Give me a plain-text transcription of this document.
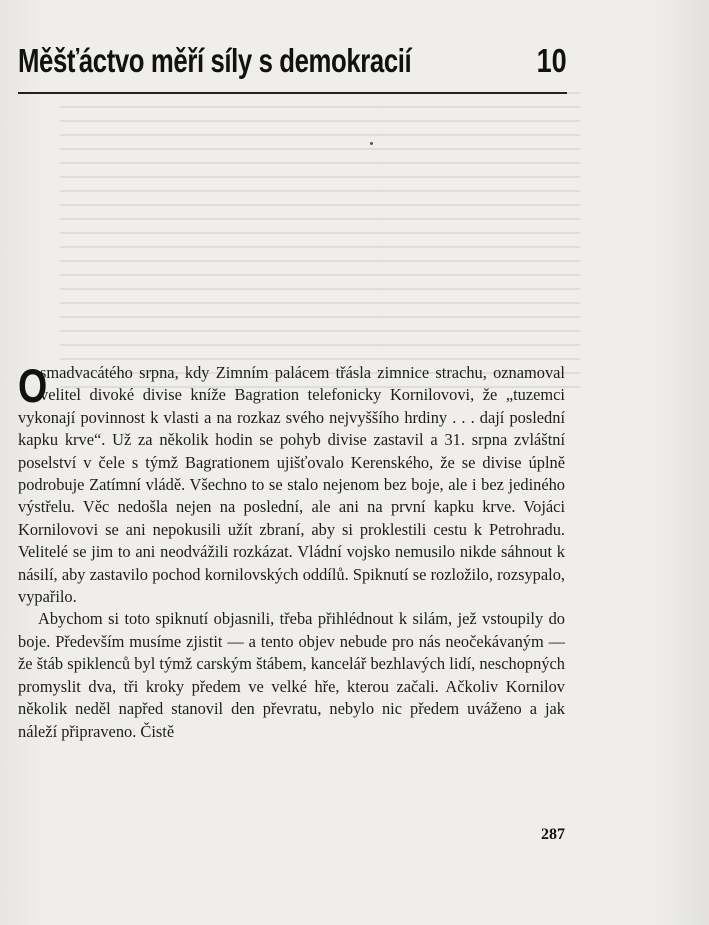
Měšťáctvo měří síly s demokracií	10

O
smadvacátého srpna, kdy Zimním palácem třásla zimnice strachu, oznamoval velitel divoké divise kníže Bagration telefonicky Kornilovovi, že „tuzemci vykonají povinnost k vlasti a na rozkaz svého nejvyššího hrdiny . . . dají poslední kapku krve“. Už za několik hodin se pohyb divise zastavil a 31. srpna zvláštní poselství v čele s týmž Bagrationem ujišťovalo Kerenského, že se divise úplně podrobuje Zatímní vládě. Všechno to se stalo nejenom bez boje, ale i bez jediného výstřelu. Věc nedošla nejen na poslední, ale ani na první kapku krve. Vojáci Kornilovovi se ani nepokusili užít zbraní, aby si proklestili cestu k Petrohradu. Velitelé se jim to ani neodvážili rozkázat. Vládní vojsko nemusilo nikde sáhnout k násilí, aby zastavilo pochod kornilovských oddílů. Spiknutí se rozložilo, rozsypalo, vypařilo.

Abychom si toto spiknutí objasnili, třeba přihlédnout k silám, jež vstoupily do boje. Především musíme zjistit — a tento objev nebude pro nás neočekávaným — že štáb spiklenců byl týmž carským štábem, kancelář bezhlavých lidí, neschopných promyslit dva, tři kroky předem ve velké hře, kterou začali. Ačkoliv Kornilov několik neděl napřed stanovil den převratu, nebylo nic předem uváženo a jak náleží připraveno. Čistě

287
